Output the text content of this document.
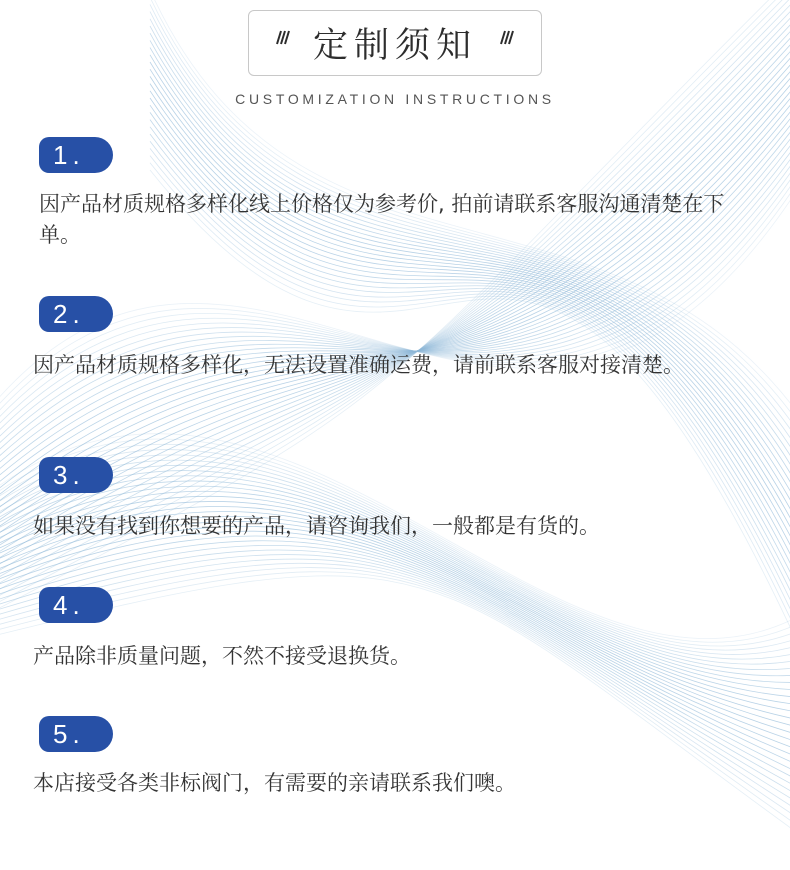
定制须知
CUSTOMIZATION INSTRUCTIONS
1.

因产品材质规格多样化线上价格仅为参考价, 拍前请联系客服沟通清楚在下单。

2.

因产品材质规格多样化，无法设置准确运费，请前联系客服对接清楚。

3.

如果没有找到你想要的产品，请咨询我们，一般都是有货的。

4.

产品除非质量问题，不然不接受退换货。

5.

本店接受各类非标阀门，有需要的亲请联系我们噢。
